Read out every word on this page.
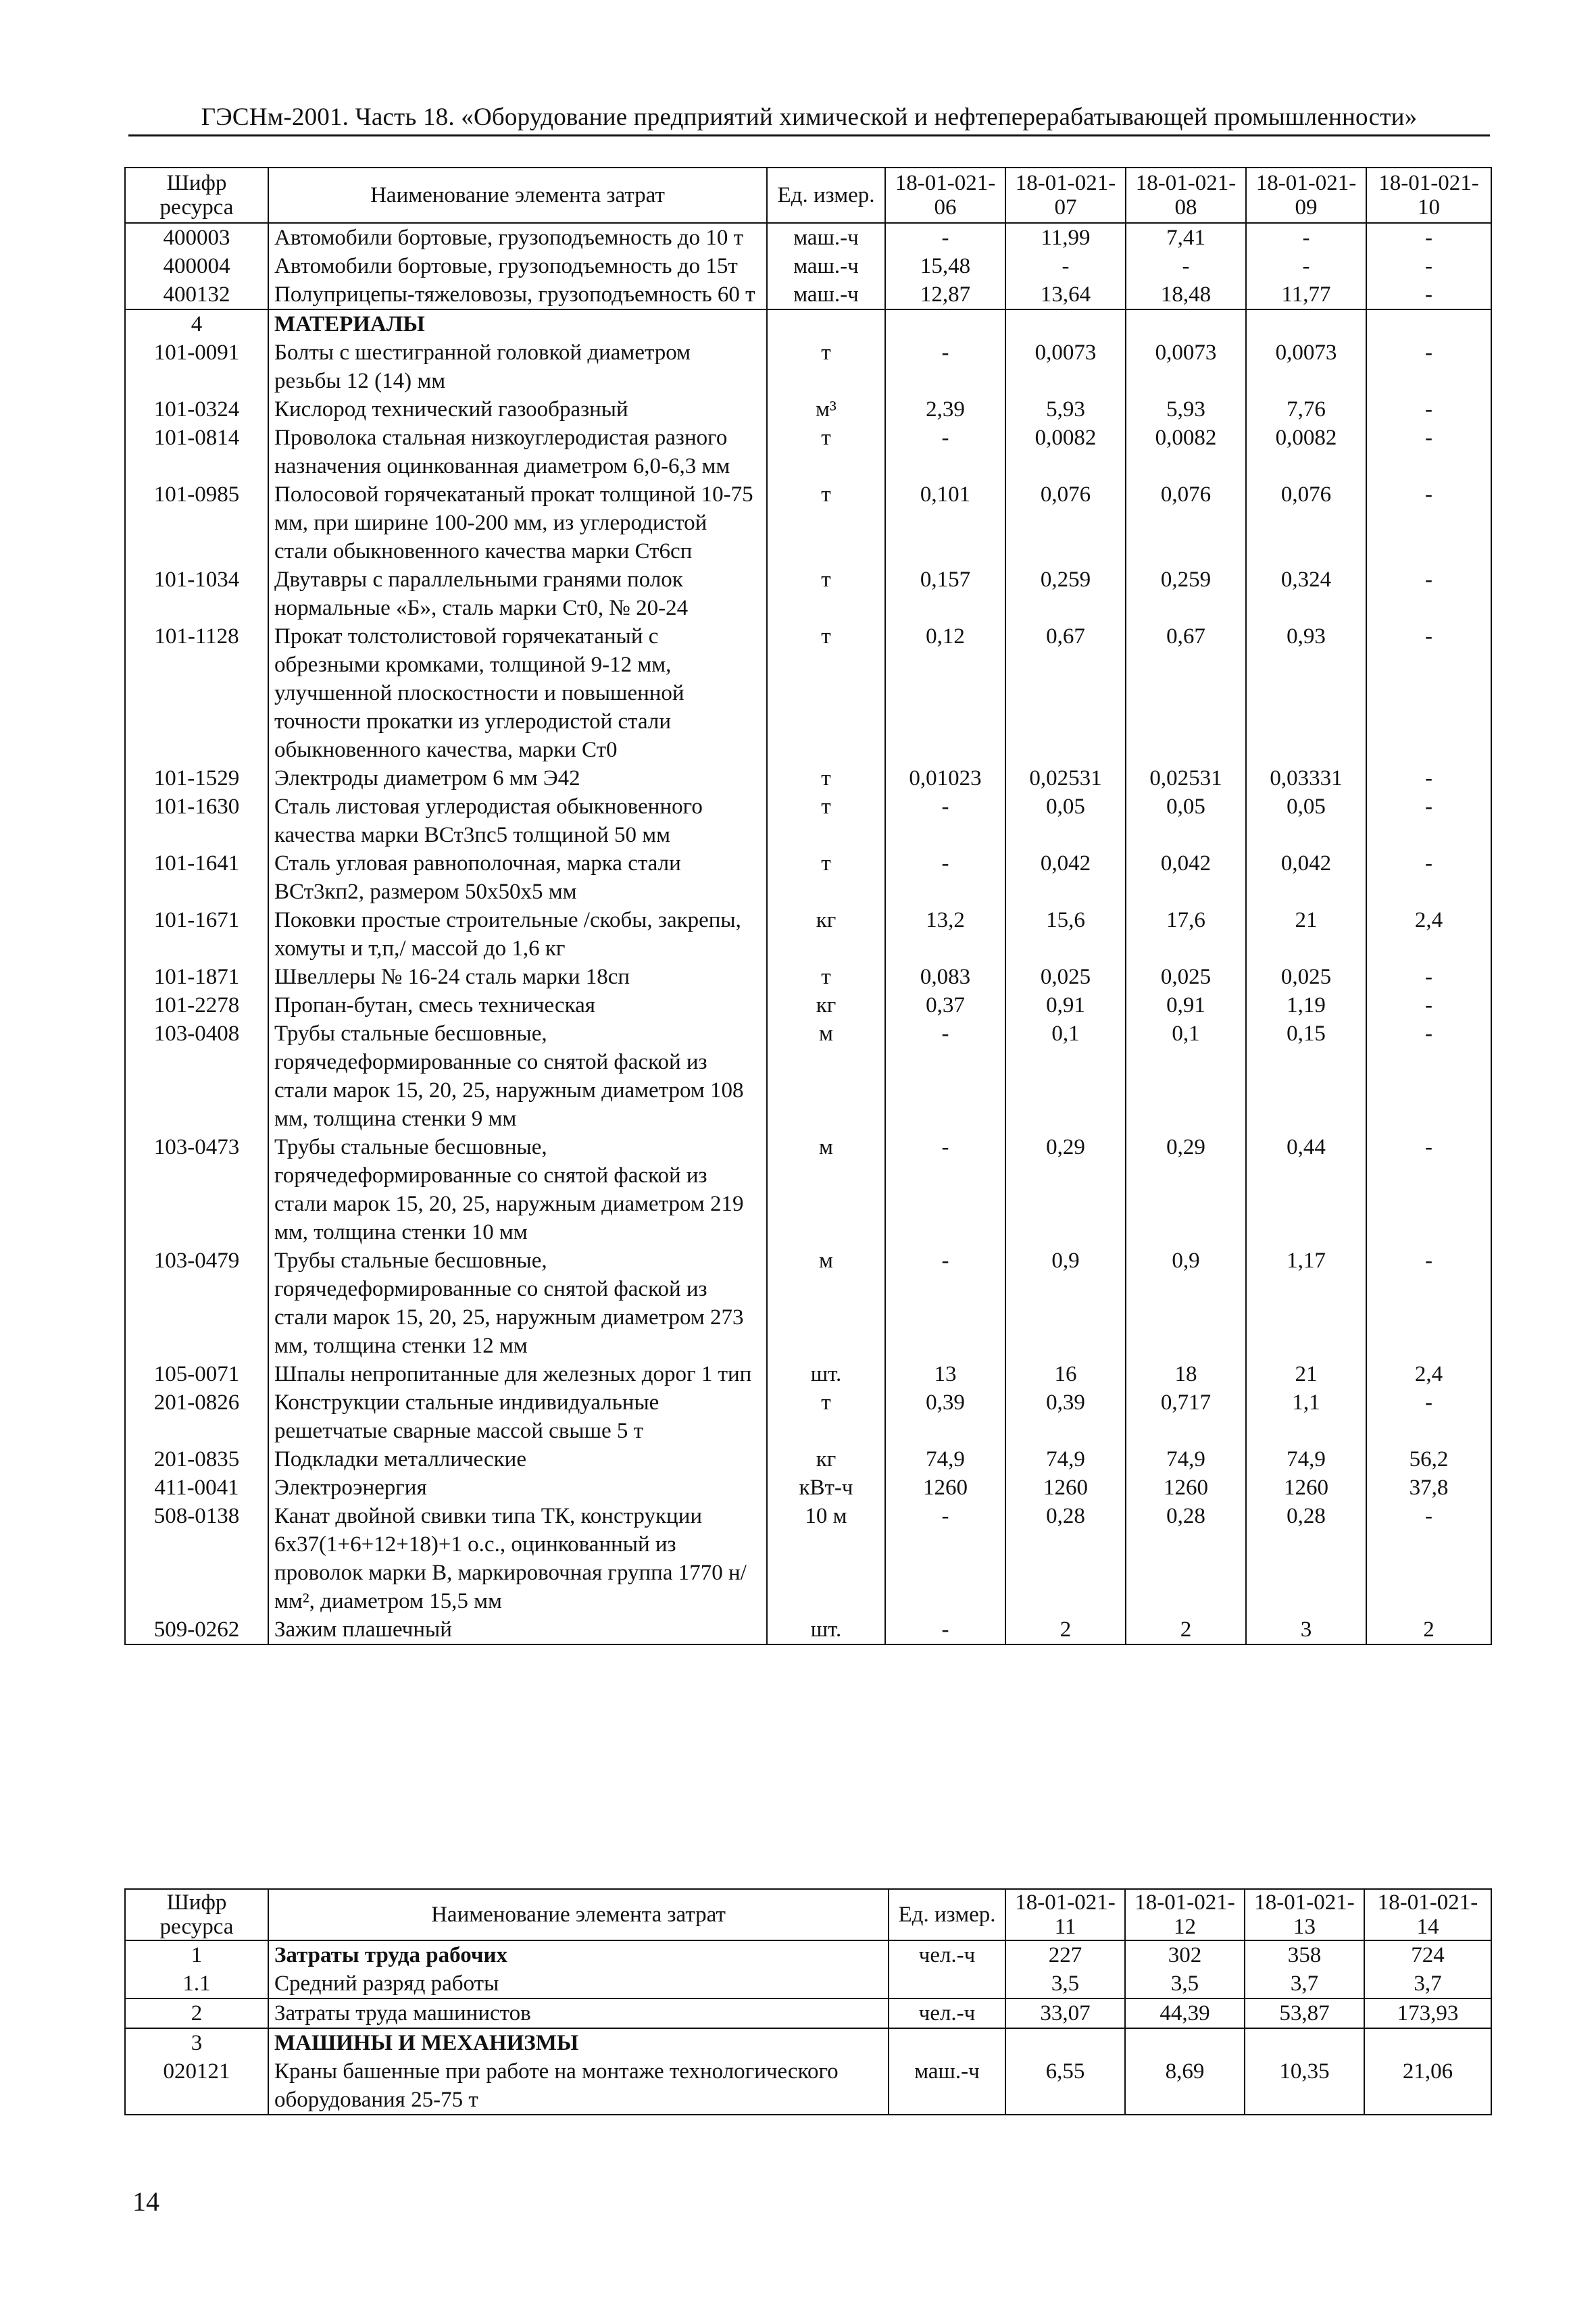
ГЭСНм-2001. Часть 18. «Оборудование предприятий химической и нефтеперерабатывающей промышленности»
Шифр ресурса	Наименование элемента затрат	Ед. измер.	18-01-021-06	18-01-021-07	18-01-021-08	18-01-021-09	18-01-021-10
400003	Автомобили бортовые, грузоподъемность до 10 т	маш.-ч	-	11,99	7,41	-	-
400004	Автомобили бортовые, грузоподъемность до 15т	маш.-ч	15,48	-	-	-	-
400132	Полуприцепы-тяжеловозы, грузоподъемность 60 т	маш.-ч	12,87	13,64	18,48	11,77	-
4	МАТЕРИАЛЫ						
101-0091	Болты с шестигранной головкой диаметром резьбы 12 (14) мм	т	-	0,0073	0,0073	0,0073	-
101-0324	Кислород технический газообразный	м³	2,39	5,93	5,93	7,76	-
101-0814	Проволока стальная низкоуглеродистая разного назначения оцинкованная диаметром 6,0-6,3 мм	т	-	0,0082	0,0082	0,0082	-
101-0985	Полосовой горячекатаный прокат толщиной 10-75 мм, при ширине 100-200 мм, из углеродистой стали обыкновенного качества марки Ст6сп	т	0,101	0,076	0,076	0,076	-
101-1034	Двутавры с параллельными гранями полок нормальные «Б», сталь марки Ст0, № 20-24	т	0,157	0,259	0,259	0,324	-
101-1128	Прокат толстолистовой горячекатаный с обрезными кромками, толщиной 9-12 мм, улучшенной плоскостности и повышенной точности прокатки из углеродистой стали обыкновенного качества, марки Ст0	т	0,12	0,67	0,67	0,93	-
101-1529	Электроды диаметром 6 мм Э42	т	0,01023	0,02531	0,02531	0,03331	-
101-1630	Сталь листовая углеродистая обыкновенного качества марки ВСт3пс5 толщиной 50 мм	т	-	0,05	0,05	0,05	-
101-1641	Сталь угловая равнополочная, марка стали ВСт3кп2, размером 50х50х5 мм	т	-	0,042	0,042	0,042	-
101-1671	Поковки простые строительные /скобы, закрепы, хомуты и т,п,/ массой до 1,6 кг	кг	13,2	15,6	17,6	21	2,4
101-1871	Швеллеры № 16-24 сталь марки 18сп	т	0,083	0,025	0,025	0,025	-
101-2278	Пропан-бутан, смесь техническая	кг	0,37	0,91	0,91	1,19	-
103-0408	Трубы стальные бесшовные, горячедеформированные со снятой фаской из стали марок 15, 20, 25, наружным диаметром 108 мм, толщина стенки 9 мм	м	-	0,1	0,1	0,15	-
103-0473	Трубы стальные бесшовные, горячедеформированные со снятой фаской из стали марок 15, 20, 25, наружным диаметром 219 мм, толщина стенки 10 мм	м	-	0,29	0,29	0,44	-
103-0479	Трубы стальные бесшовные, горячедеформированные со снятой фаской из стали марок 15, 20, 25, наружным диаметром 273 мм, толщина стенки 12 мм	м	-	0,9	0,9	1,17	-
105-0071	Шпалы непропитанные для железных дорог 1 тип	шт.	13	16	18	21	2,4
201-0826	Конструкции стальные индивидуальные решетчатые сварные массой свыше 5 т	т	0,39	0,39	0,717	1,1	-
201-0835	Подкладки металлические	кг	74,9	74,9	74,9	74,9	56,2
411-0041	Электроэнергия	кВт-ч	1260	1260	1260	1260	37,8
508-0138	Канат двойной свивки типа ТК, конструкции 6х37(1+6+12+18)+1 о.с., оцинкованный из проволок марки В, маркировочная группа 1770 н/мм², диаметром 15,5 мм	10 м	-	0,28	0,28	0,28	-
509-0262	Зажим плашечный	шт.	-	2	2	3	2
Шифр ресурса	Наименование элемента затрат	Ед. измер.	18-01-021-11	18-01-021-12	18-01-021-13	18-01-021-14
1	Затраты труда рабочих	чел.-ч	227	302	358	724
1.1	Средний разряд работы		3,5	3,5	3,7	3,7
2	Затраты труда машинистов	чел.-ч	33,07	44,39	53,87	173,93
3	МАШИНЫ И МЕХАНИЗМЫ					
020121	Краны башенные при работе на монтаже технологического оборудования 25-75 т	маш.-ч	6,55	8,69	10,35	21,06
14
